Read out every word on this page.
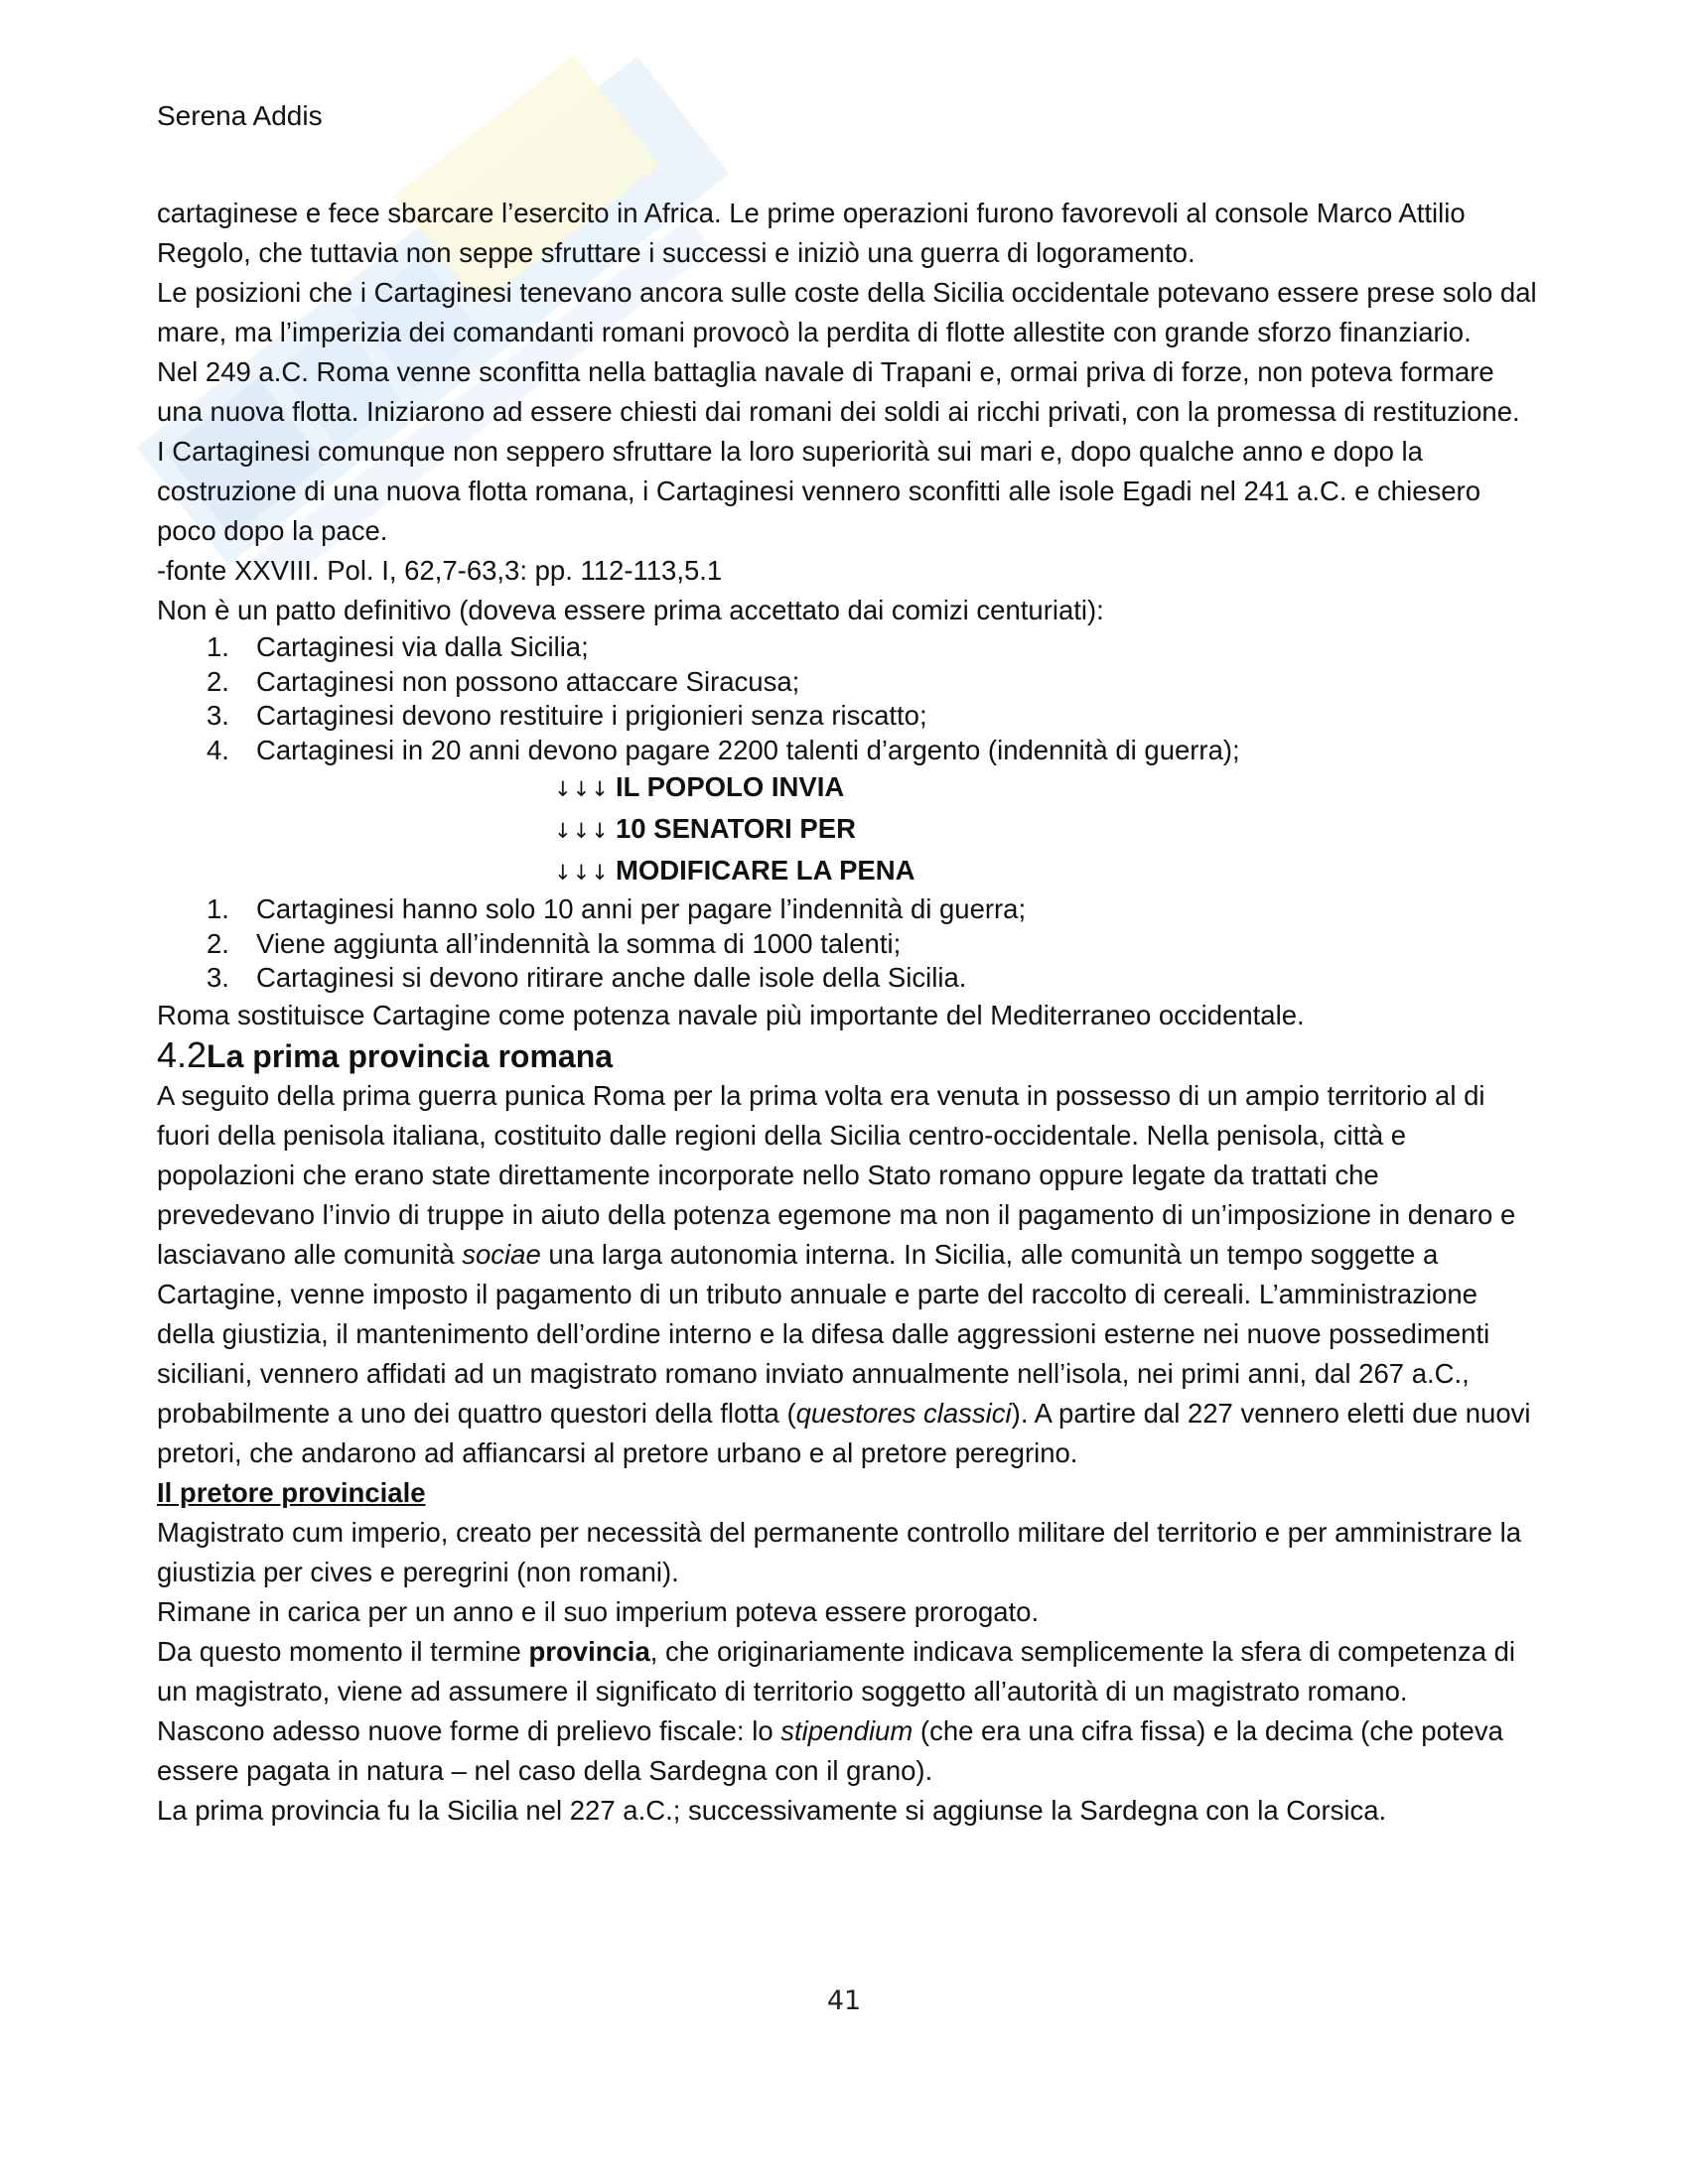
Serena Addis

cartaginese e fece sbarcare l’esercito in Africa. Le prime operazioni furono favorevoli al console Marco Attilio Regolo, che tuttavia non seppe sfruttare i successi e iniziò una guerra di logoramento.

Le posizioni che i Cartaginesi tenevano ancora sulle coste della Sicilia occidentale potevano essere prese solo dal mare, ma l’imperizia dei comandanti romani provocò la perdita di flotte allestite con grande sforzo finanziario.

Nel 249 a.C. Roma venne sconfitta nella battaglia navale di Trapani e, ormai priva di forze, non poteva formare una nuova flotta. Iniziarono ad essere chiesti dai romani dei soldi ai ricchi privati, con la promessa di restituzione.

I Cartaginesi comunque non seppero sfruttare la loro superiorità sui mari e, dopo qualche anno e dopo la costruzione di una nuova flotta romana, i Cartaginesi vennero sconfitti alle isole Egadi nel 241 a.C. e chiesero poco dopo la pace.

-fonte XXVIII. Pol. I, 62,7-63,3: pp. 112-113,5.1

Non è un patto definitivo (doveva essere prima accettato dai comizi centuriati):

1. Cartaginesi via dalla Sicilia;
2. Cartaginesi non possono attaccare Siracusa;
3. Cartaginesi devono restituire i prigionieri senza riscatto;
4. Cartaginesi in 20 anni devono pagare 2200 talenti d’argento (indennità di guerra);
↓↓↓ IL POPOLO INVIA
↓↓↓ 10 SENATORI PER
↓↓↓ MODIFICARE LA PENA
1. Cartaginesi hanno solo 10 anni per pagare l’indennità di guerra;
2. Viene aggiunta all’indennità la somma di 1000 talenti;
3. Cartaginesi si devono ritirare anche dalle isole della Sicilia.

Roma sostituisce Cartagine come potenza navale più importante del Mediterraneo occidentale.

4.2La prima provincia romana

A seguito della prima guerra punica Roma per la prima volta era venuta in possesso di un ampio territorio al di fuori della penisola italiana, costituito dalle regioni della Sicilia centro-occidentale. Nella penisola, città e popolazioni che erano state direttamente incorporate nello Stato romano oppure legate da trattati che prevedevano l’invio di truppe in aiuto della potenza egemone ma non il pagamento di un’imposizione in denaro e lasciavano alle comunità sociae una larga autonomia interna. In Sicilia, alle comunità un tempo soggette a Cartagine, venne imposto il pagamento di un tributo annuale e parte del raccolto di cereali. L’amministrazione della giustizia, il mantenimento dell’ordine interno e la difesa dalle aggressioni esterne nei nuove possedimenti siciliani, vennero affidati ad un magistrato romano inviato annualmente nell’isola, nei primi anni, dal 267 a.C., probabilmente a uno dei quattro questori della flotta (questores classici). A partire dal 227 vennero eletti due nuovi pretori, che andarono ad affiancarsi al pretore urbano e al pretore peregrino.

Il pretore provinciale

Magistrato cum imperio, creato per necessità del permanente controllo militare del territorio e per amministrare la giustizia per cives e peregrini (non romani).

Rimane in carica per un anno e il suo imperium poteva essere prorogato.

Da questo momento il termine provincia, che originariamente indicava semplicemente la sfera di competenza di un magistrato, viene ad assumere il significato di territorio soggetto all’autorità di un magistrato romano.

Nascono adesso nuove forme di prelievo fiscale: lo stipendium (che era una cifra fissa) e la decima (che poteva essere pagata in natura – nel caso della Sardegna con il grano).

La prima provincia fu la Sicilia nel 227 a.C.; successivamente si aggiunse la Sardegna con la Corsica.

41
